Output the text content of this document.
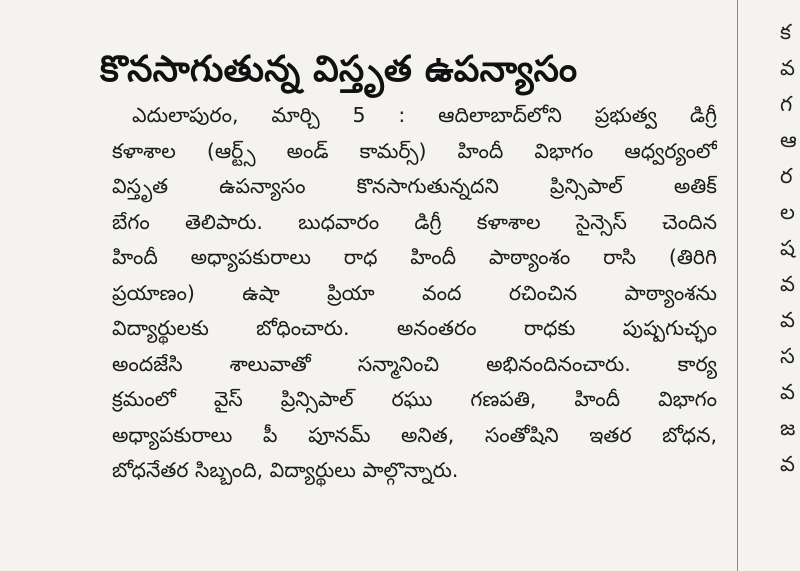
కొనసాగుతున్న విస్తృత ఉపన్యాసం
ఎదులాపురం, మార్చి 5 : ఆదిలాబాద్‌లోని ప్రభుత్వ డిగ్రీ
కళాశాల (ఆర్ట్స్ అండ్ కామర్స్) హిందీ విభాగం ఆధ్వర్యంలో
విస్తృత ఉపన్యాసం కొనసాగుతున్నదని ప్రిన్సిపాల్ అతిక్
బేగం తెలిపారు. బుధవారం డిగ్రీ కళాశాల సైన్సెస్ చెందిన
హిందీ అధ్యాపకురాలు రాధ హిందీ పాఠ్యాంశం రాసి (తిరిగి
ప్రయాణం) ఉషా ప్రియా వంద రచించిన పాఠ్యాంశను
విద్యార్థులకు బోధించారు. అనంతరం రాధకు పుష్పగుచ్ఛం
అందజేసి శాలువాతో సన్మానించి అభినందినంచారు. కార్య
క్రమంలో వైస్ ప్రిన్సిపాల్ రఘు గణపతి, హిందీ విభాగం
అధ్యాపకురాలు పీ పూనమ్ అనిత, సంతోషిని ఇతర బోధన,
బోధనేతర సిబ్బంది, విద్యార్థులు పాల్గొన్నారు.
క
వ
గ
ఆ
ర
ల
ష
వ
వ
స
వ
జ
వ
